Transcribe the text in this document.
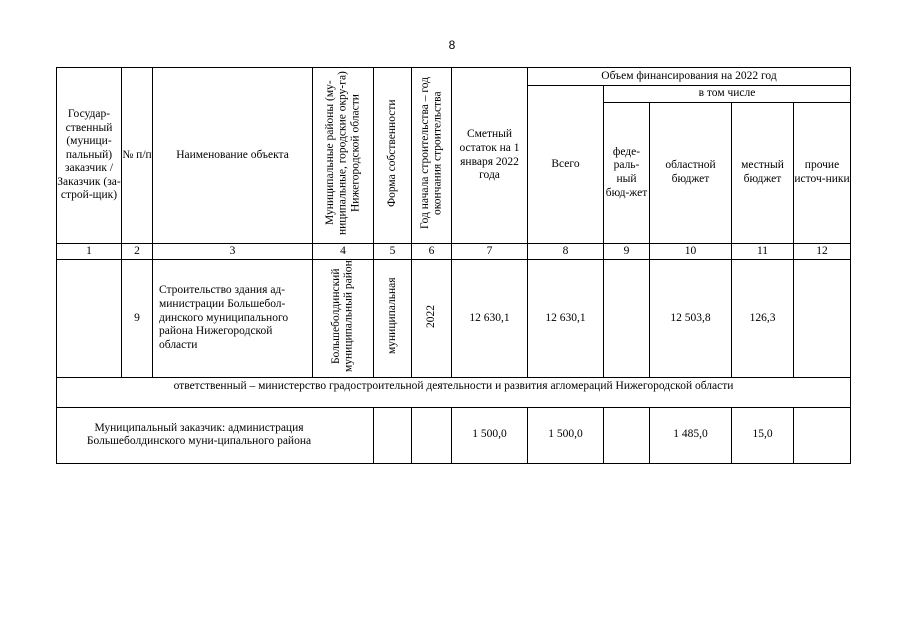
8
Государ-ственный (муници-пальный) заказчик / Заказчик (за-строй-щик)	№ п/п	Наименование объекта	Муниципальные районы (му-ниципальные, городские окру-га) Нижегородской области	Форма собственности	Год начала строительства – год окончания строительства	Сметный остаток на 1 января 2022 года	Объем финансирования на 2022 год				
							Всего	в том числе			
								феде-раль-ный бюд-жет	областной бюджет	местный бюджет	прочие источ-ники
1	2	3	4	5	6	7	8	9	10	11	12
	9	Строительство здания ад-министрации Большебол-динского муниципального района Нижегородской области	Большеболдинский муниципальный район	муниципальная	2022	12 630,1	12 630,1		12 503,8	126,3	
ответственный – министерство градостроительной деятельности и развития агломераций Нижегородской области											
Муниципальный заказчик: администрация Большеболдинского муни-ципального района						1 500,0	1 500,0		1 485,0	15,0	
